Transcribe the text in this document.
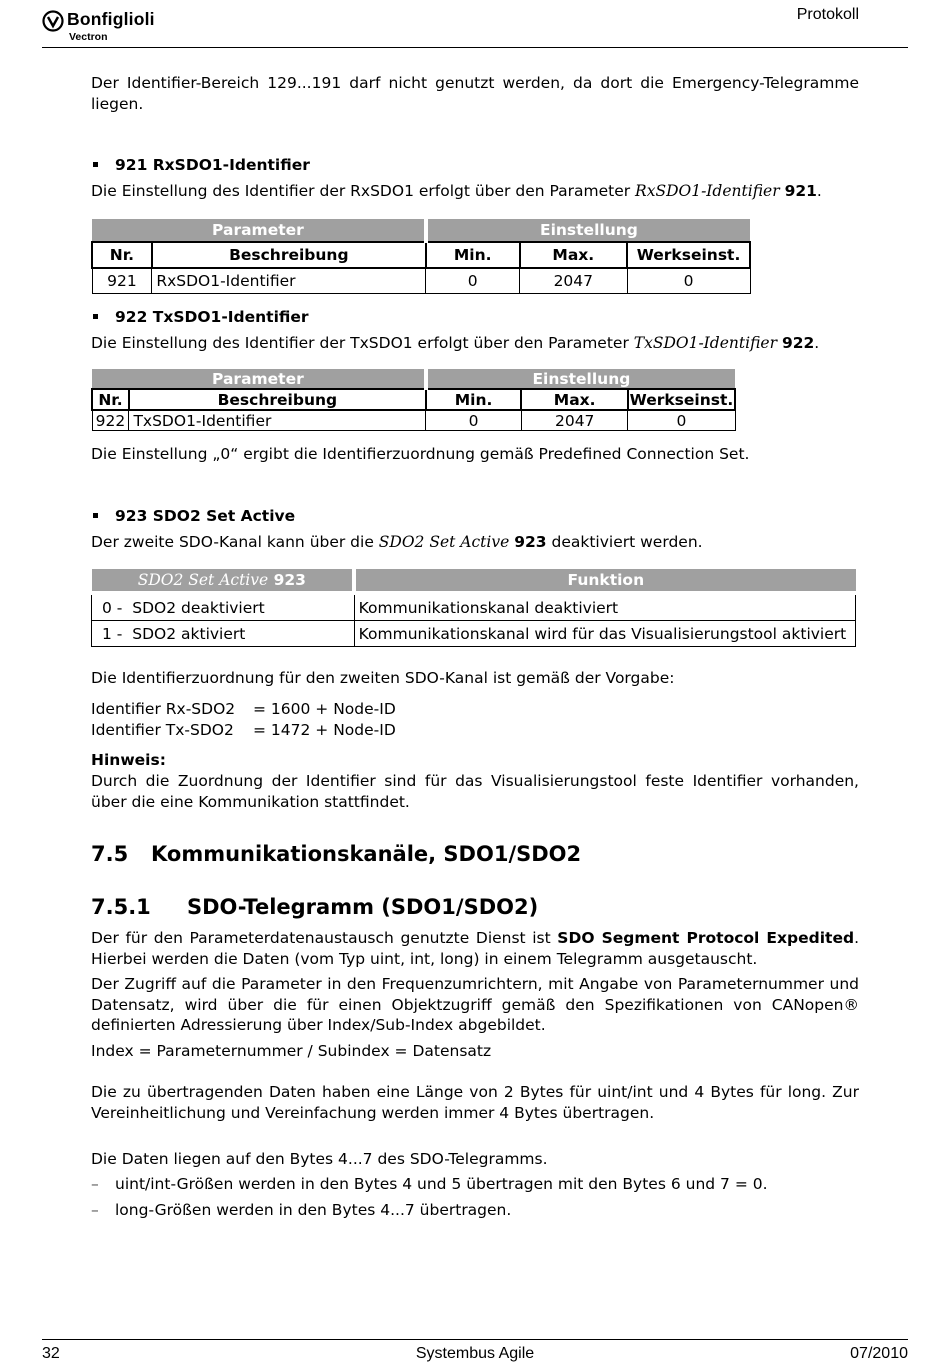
Bonfiglioli
Vectron
Protokoll
Der Identifier-Bereich 129...191 darf nicht genutzt werden, da dort die Emergency-Telegramme liegen.
921 RxSDO1-Identifier
Die Einstellung des Identifier der RxSDO1 erfolgt über den Parameter RxSDO1-Identifier 921.
Parameter		Einstellung		
Nr.	Beschreibung	Min.	Max.	Werkseinst.
921	RxSDO1-Identifier	0	2047	0
922 TxSDO1-Identifier
Die Einstellung des Identifier der TxSDO1 erfolgt über den Parameter TxSDO1-Identifier 922.
Parameter		Einstellung		
Nr.	Beschreibung	Min.	Max.	Werkseinst.
922	TxSDO1-Identifier	0	2047	0
Die Einstellung „0“ ergibt die Identifierzuordnung gemäß Predefined Connection Set.
923 SDO2 Set Active
Der zweite SDO-Kanal kann über die SDO2 Set Active 923 deaktiviert werden.
SDO2 Set Active 923	Funktion
0 - SDO2 deaktiviert	Kommunikationskanal deaktiviert
1 - SDO2 aktiviert	Kommunikationskanal wird für das Visualisierungstool aktiviert
Die Identifierzuordnung für den zweiten SDO-Kanal ist gemäß der Vorgabe:
Identifier Rx-SDO2 = 1600 + Node-ID
Identifier Tx-SDO2 = 1472 + Node-ID
Hinweis:
Durch die Zuordnung der Identifier sind für das Visualisierungstool feste Identifier vorhanden, über die eine Kommunikation stattfindet.
7.5 Kommunikationskanäle, SDO1/SDO2
7.5.1 SDO-Telegramm (SDO1/SDO2)
Der für den Parameterdatenaustausch genutzte Dienst ist SDO Segment Protocol Expedited. Hierbei werden die Daten (vom Typ uint, int, long) in einem Telegramm ausgetauscht.
Der Zugriff auf die Parameter in den Frequenzumrichtern, mit Angabe von Parameternummer und Datensatz, wird über die für einen Objektzugriff gemäß den Spezifikationen von CANopen® definierten Adressierung über Index/Sub-Index abgebildet.
Index = Parameternummer / Subindex = Datensatz
Die zu übertragenden Daten haben eine Länge von 2 Bytes für uint/int und 4 Bytes für long. Zur Vereinheitlichung und Vereinfachung werden immer 4 Bytes übertragen.
Die Daten liegen auf den Bytes 4...7 des SDO-Telegramms.
– uint/int-Größen werden in den Bytes 4 und 5 übertragen mit den Bytes 6 und 7 = 0.
– long-Größen werden in den Bytes 4...7 übertragen.
32	Systembus Agile	07/2010
